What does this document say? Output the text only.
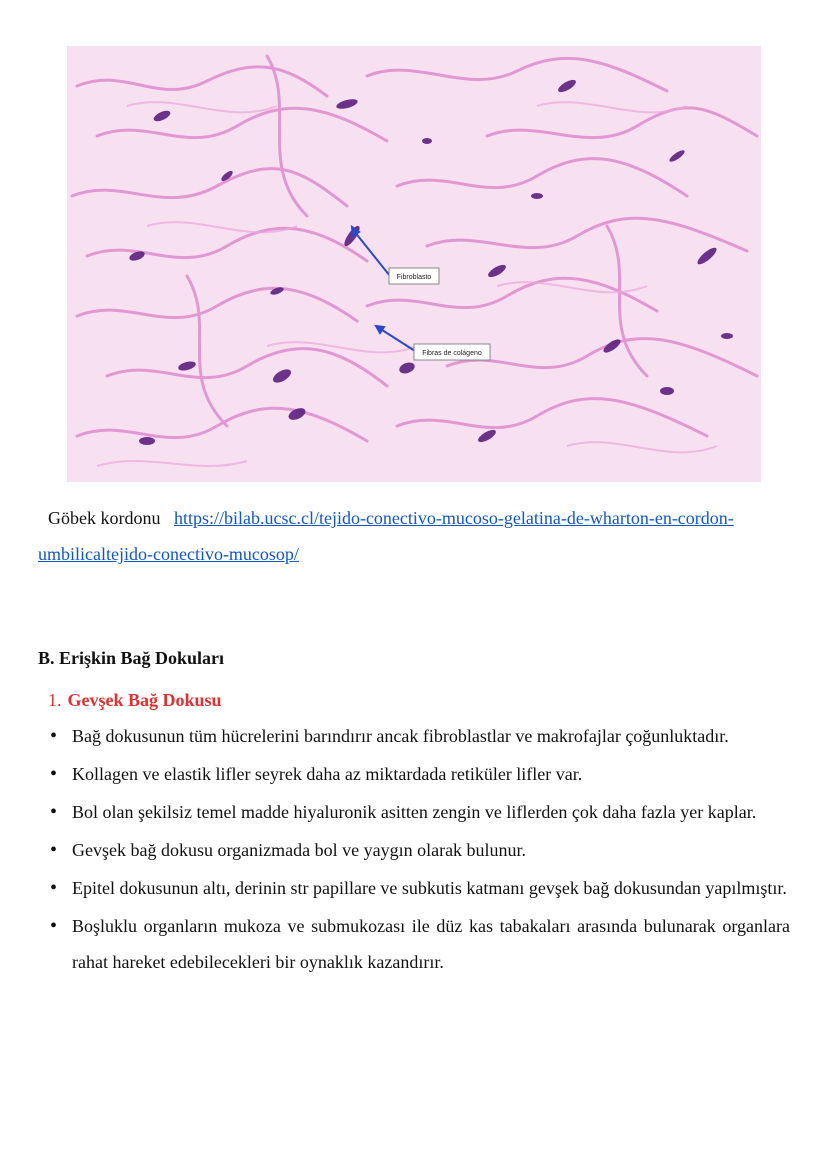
Fibroblasto
Fibras de colágeno
Göbek kordonu https://bilab.ucsc.cl/tejido-conectivo-mucoso-gelatina-de-wharton-en-cordon-umbilicaltejido-conectivo-mucosop/
B. Erişkin Bağ Dokuları
1. Gevşek Bağ Dokusu
• Bağ dokusunun tüm hücrelerini barındırır ancak fibroblastlar ve makrofajlar çoğunluktadır.
• Kollagen ve elastik lifler seyrek daha az miktardada retiküler lifler var.
• Bol olan şekilsiz temel madde hiyaluronik asitten zengin ve liflerden çok daha fazla yer kaplar.
• Gevşek bağ dokusu organizmada bol ve yaygın olarak bulunur.
• Epitel dokusunun altı, derinin str papillare ve subkutis katmanı gevşek bağ dokusundan yapılmıştır.
• Boşluklu organların mukoza ve submukozası ile düz kas tabakaları arasında bulunarak organlara rahat hareket edebilecekleri bir oynaklık kazandırır.
